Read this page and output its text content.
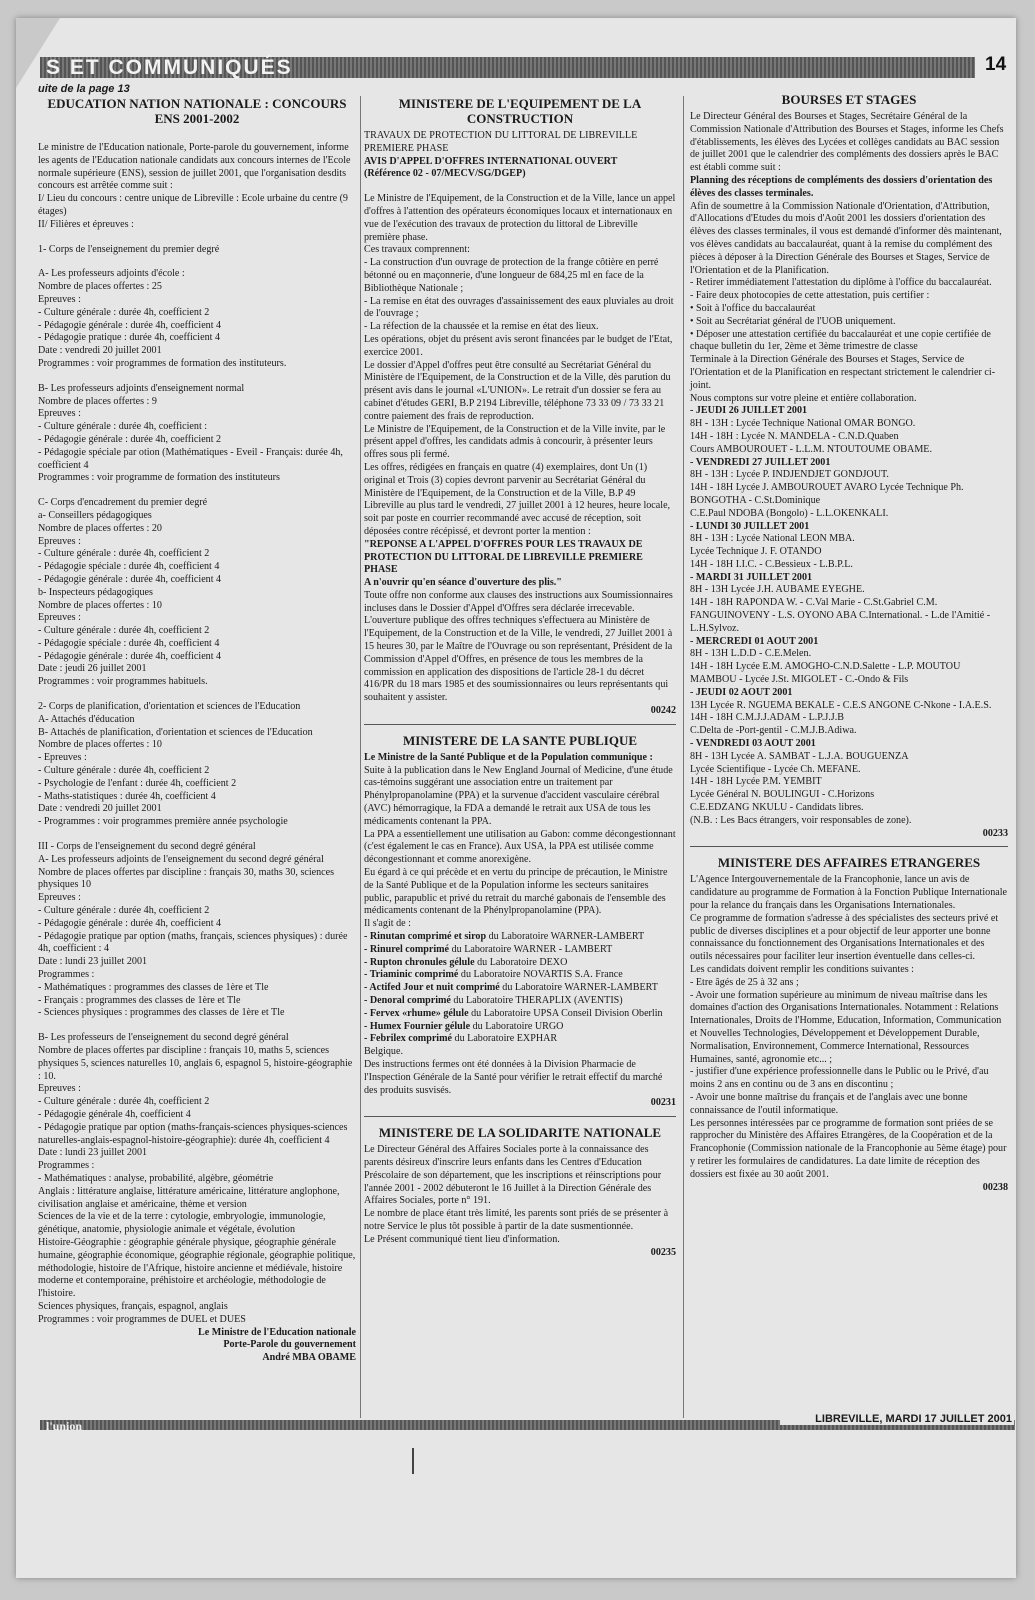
S ET COMMUNIQUÉS	14
uite de la page 13
EDUCATION NATION NATIONALE : CONCOURS ENS 2001-2002

Le ministre de l'Education nationale, Porte-parole du gouvernement, informe les agents de l'Education nationale candidats aux concours internes de l'Ecole normale supérieure (ENS), session de juillet 2001, que l'organisation desdits concours est arrêtée comme suit :

I/ Lieu du concours : centre unique de Libreville : Ecole urbaine du centre (9 étages)

II/ Filières et épreuves :

1- Corps de l'enseignement du premier degré

A- Les professeurs adjoints d'école :

Nombre de places offertes : 25

Epreuves :

- Culture générale : durée 4h, coefficient 2

- Pédagogie générale : durée 4h, coefficient 4

- Pédagogie pratique : durée 4h, coefficient 4

Date : vendredi 20 juillet 2001

Programmes : voir programmes de formation des instituteurs.

B- Les professeurs adjoints d'enseignement normal

Nombre de places offertes : 9

Epreuves :

- Culture générale : durée 4h, coefficient :

- Pédagogie générale : durée 4h, coefficient 2

- Pédagogie spéciale par otion (Mathématiques - Eveil - Français: durée 4h, coefficient 4

Programmes : voir programme de formation des instituteurs

C- Corps d'encadrement du premier degré

a- Conseillers pédagogiques

Nombre de places offertes : 20

Epreuves :

- Culture générale : durée 4h, coefficient 2

- Pédagogie spéciale : durée 4h, coefficient 4

- Pédagogie générale : durée 4h, coefficient 4

b- Inspecteurs pédagogiques

Nombre de places offertes : 10

Epreuves :

- Culture générale : durée 4h, coefficient 2

- Pédagogie spéciale : durée 4h, coefficient 4

- Pédagogie générale : durée 4h, coefficient 4

Date : jeudi 26 juillet 2001

Programmes : voir programmes habituels.

2- Corps de planification, d'orientation et sciences de l'Education

A- Attachés d'éducation

B- Attachés de planification, d'orientation et sciences de l'Education

Nombre de places offertes : 10

- Epreuves :

- Culture générale : durée 4h, coefficient 2

- Psychologie de l'enfant : durée 4h, coefficient 2

- Maths-statistiques : durée 4h, coefficient 4

Date : vendredi 20 juillet 2001

- Programmes : voir programmes première année psychologie

III - Corps de l'enseignement du second degré général

A- Les professeurs adjoints de l'enseignement du second degré général

Nombre de places offertes par discipline : français 30, maths 30, sciences physiques 10

Epreuves :

- Culture générale : durée 4h, coefficient 2

- Pédagogie générale : durée 4h, coefficient 4

- Pédagogie pratique par option (maths, français, sciences physiques) : durée 4h, coefficient : 4

Date : lundi 23 juillet 2001

Programmes :

- Mathématiques : programmes des classes de 1ère et Tle

- Français : programmes des classes de 1ère et Tle

- Sciences physiques : programmes des classes de 1ère et Tle

B- Les professeurs de l'enseignement du second degré général

Nombre de places offertes par discipline : français 10, maths 5, sciences physiques 5, sciences naturelles 10, anglais 6, espagnol 5, histoire-géographie : 10.

Epreuves :

- Culture générale : durée 4h, coefficient 2

- Pédagogie générale 4h, coefficient 4

- Pédagogie pratique par option (maths-français-sciences physiques-sciences naturelles-anglais-espagnol-histoire-géographie): durée 4h, coefficient 4

Date : lundi 23 juillet 2001

Programmes :

- Mathématiques : analyse, probabilité, algèbre, géométrie

Anglais : littérature anglaise, littérature américaine, littérature anglophone, civilisation anglaise et américaine, thème et version

Sciences de la vie et de la terre : cytologie, embryologie, immunologie, génétique, anatomie, physiologie animale et végétale, évolution

Histoire-Géographie : géographie générale physique, géographie générale humaine, géographie économique, géographie régionale, géographie politique, méthodologie, histoire de l'Afrique, histoire ancienne et médiévale, histoire moderne et contemporaine, préhistoire et archéologie, méthodologie de l'histoire.

Sciences physiques, français, espagnol, anglais

Programmes : voir programmes de DUEL et DUES

Le Ministre de l'Education nationale

Porte-Parole du gouvernement

André MBA OBAME

MINISTERE DE L'EQUIPEMENT DE LA CONSTRUCTION

TRAVAUX DE PROTECTION DU LITTORAL DE LIBREVILLE

PREMIERE PHASE

AVIS D'APPEL D'OFFRES INTERNATIONAL OUVERT

(Référence 02 - 07/MECV/SG/DGEP)

Le Ministre de l'Equipement, de la Construction et de la Ville, lance un appel d'offres à l'attention des opérateurs économiques locaux et internationaux en vue de l'exécution des travaux de protection du littoral de Libreville première phase.

Ces travaux comprennent:

- La construction d'un ouvrage de protection de la frange côtière en perré bétonné ou en maçonnerie, d'une longueur de 684,25 ml en face de la Bibliothèque Nationale ;

- La remise en état des ouvrages d'assainissement des eaux pluviales au droit de l'ouvrage ;

- La réfection de la chaussée et la remise en état des lieux.

Les opérations, objet du présent avis seront financées par le budget de l'Etat, exercice 2001.

Le dossier d'Appel d'offres peut être consulté au Secrétariat Général du Ministère de l'Equipement, de la Construction et de la Ville, dès parution du présent avis dans le journal «L'UNION». Le retrait d'un dossier se fera au cabinet d'études GERI, B.P 2194 Libreville, téléphone 73 33 09 / 73 33 21 contre paiement des frais de reproduction.

Le Ministre de l'Equipement, de la Construction et de la Ville invite, par le présent appel d'offres, les candidats admis à concourir, à présenter leurs offres sous pli fermé.

Les offres, rédigées en français en quatre (4) exemplaires, dont Un (1) original et Trois (3) copies devront parvenir au Secrétariat Général du Ministère de l'Equipement, de la Construction et de la Ville, B.P 49 Libreville au plus tard le vendredi, 27 juillet 2001 à 12 heures, heure locale, soit par poste en courrier recommandé avec accusé de réception, soit déposées contre récépissé, et devront porter la mention :

"REPONSE A L'APPEL D'OFFRES POUR LES TRAVAUX DE PROTECTION DU LITTORAL DE LIBREVILLE PREMIERE PHASE

A n'ouvrir qu'en séance d'ouverture des plis."

Toute offre non conforme aux clauses des instructions aux Soumissionnaires incluses dans le Dossier d'Appel d'Offres sera déclarée irrecevable.

L'ouverture publique des offres techniques s'effectuera au Ministère de l'Equipement, de la Construction et de la Ville, le vendredi, 27 Juillet 2001 à 15 heures 30, par le Maître de l'Ouvrage ou son représentant, Président de la Commission d'Appel d'Offres, en présence de tous les membres de la commission en application des dispositions de l'article 28-1 du décret 416/PR du 18 mars 1985 et des soumissionnaires ou leurs représentants qui souhaitent y assister.

00242

MINISTERE DE LA SANTE PUBLIQUE

Le Ministre de la Santé Publique et de la Population communique :

Suite à la publication dans le New England Journal of Medicine, d'une étude cas-témoins suggérant une association entre un traitement par Phénylpropanolamine (PPA) et la survenue d'accident vasculaire cérébral (AVC) hémorragique, la FDA a demandé le retrait aux USA de tous les médicaments contenant la PPA.

La PPA a essentiellement une utilisation au Gabon: comme décongestionnant (c'est également le cas en France). Aux USA, la PPA est utilisée comme décongestionnant et comme anorexigène.

Eu égard à ce qui précède et en vertu du principe de précaution, le Ministre de la Santé Publique et de la Population informe les secteurs sanitaires public, parapublic et privé du retrait du marché gabonais de l'ensemble des médicaments contenant de la Phénylpropanolamine (PPA).

Il s'agit de :

- Rinutan comprimé et sirop du Laboratoire WARNER-LAMBERT

- Rinurel comprimé du Laboratoire WARNER - LAMBERT

- Rupton chronules gélule du Laboratoire DEXO

- Triaminic comprimé du Laboratoire NOVARTIS S.A. France

- Actifed Jour et nuit comprimé du Laboratoire WARNER-LAMBERT

- Denoral comprimé du Laboratoire THERAPLIX (AVENTIS)

- Fervex «rhume» gélule du Laboratoire UPSA Conseil Division Oberlin

- Humex Fournier gélule du Laboratoire URGO

- Febrilex comprimé du Laboratoire EXPHAR

Belgique.

Des instructions fermes ont été données à la Division Pharmacie de l'Inspection Générale de la Santé pour vérifier le retrait effectif du marché des produits susvisés.

00231

MINISTERE DE LA SOLIDARITE NATIONALE

Le Directeur Général des Affaires Sociales porte à la connaissance des parents désireux d'inscrire leurs enfants dans les Centres d'Education Préscolaire de son département, que les inscriptions et réinscriptions pour l'année 2001 - 2002 débuteront le 16 Juillet à la Direction Générale des Affaires Sociales, porte n° 191.

Le nombre de place étant très limité, les parents sont priés de se présenter à notre Service le plus tôt possible à partir de la date susmentionnée.

Le Présent communiqué tient lieu d'information.

00235

BOURSES ET STAGES

Le Directeur Général des Bourses et Stages, Secrétaire Général de la Commission Nationale d'Attribution des Bourses et Stages, informe les Chefs d'établissements, les élèves des Lycées et collèges candidats au BAC session de juillet 2001 que le calendrier des compléments des dossiers après le BAC est établi comme suit :

Planning des réceptions de compléments des dossiers d'orientation des élèves des classes terminales.

Afin de soumettre à la Commission Nationale d'Orientation, d'Attribution, d'Allocations d'Etudes du mois d'Août 2001 les dossiers d'orientation des élèves des classes terminales, il vous est demandé d'informer dès maintenant, vos élèves candidats au baccalauréat, quant à la remise du complément des pièces à déposer à la Direction Générale des Bourses et Stages, Service de l'Orientation et de la Planification.

- Retirer immédiatement l'attestation du diplôme à l'office du baccalauréat.

- Faire deux photocopies de cette attestation, puis certifier :

• Soit à l'office du baccalauréat

• Soit au Secrétariat général de l'UOB uniquement.

• Déposer une attestation certifiée du baccalauréat et une copie certifiée de chaque bulletin du 1er, 2ème et 3ème trimestre de classe

Terminale à la Direction Générale des Bourses et Stages, Service de l'Orientation et de la Planification en respectant strictement le calendrier ci-joint.

Nous comptons sur votre pleine et entière collaboration.

- JEUDI 26 JUILLET 2001

8H - 13H : Lycée Technique National OMAR BONGO.

14H - 18H : Lycée N. MANDELA - C.N.D.Quaben

Cours AMBOUROUET - L.L.M. NTOUTOUME OBAME.

- VENDREDI 27 JUILLET 2001

8H - 13H : Lycée P. INDJENDJET GONDJOUT.

14H - 18H Lycée J. AMBOUROUET AVARO Lycée Technique Ph. BONGOTHA - C.St.Dominique

C.E.Paul NDOBA (Bongolo) - L.L.OKENKALI.

- LUNDI 30 JUILLET 2001

8H - 13H : Lycée National LEON MBA.

Lycée Technique J. F. OTANDO

14H - 18H I.I.C. - C.Bessieux - L.B.P.L.

- MARDI 31 JUILLET 2001

8H - 13H Lycée J.H. AUBAME EYEGHE.

14H - 18H RAPONDA W. - C.Val Marie - C.St.Gabriel C.M. FANGUINOVENY - L.S. OYONO ABA C.International. - L.de l'Amitié - L.H.Sylvoz.

- MERCREDI 01 AOUT 2001

8H - 13H L.D.D - C.E.Melen.

14H - 18H Lycée E.M. AMOGHO-C.N.D.Salette - L.P. MOUTOU MAMBOU - Lycée J.St. MIGOLET - C.-Ondo & Fils

- JEUDI 02 AOUT 2001

13H Lycée R. NGUEMA BEKALE - C.E.S ANGONE C-Nkone - I.A.E.S.

14H - 18H C.M.J.J.ADAM - L.P.J.J.B

C.Delta de -Port-gentil - C.M.J.B.Adiwa.

- VENDREDI 03 AOUT 2001

8H - 13H Lycée A. SAMBAT - L.J.A. BOUGUENZA

Lycée Scientifique - Lycée Ch. MEFANE.

14H - 18H Lycée P.M. YEMBIT

Lycée Général N. BOULINGUI - C.Horizons

C.E.EDZANG NKULU - Candidats libres.

(N.B. : Les Bacs étrangers, voir responsables de zone).

00233

MINISTERE DES AFFAIRES ETRANGERES

L'Agence Intergouvernementale de la Francophonie, lance un avis de candidature au programme de Formation à la Fonction Publique Internationale pour la relance du français dans les Organisations Internationales.

Ce programme de formation s'adresse à des spécialistes des secteurs privé et public de diverses disciplines et a pour objectif de leur apporter une bonne connaissance du fonctionnement des Organisations Internationales et des outils nécessaires pour faciliter leur insertion éventuelle dans celles-ci.

Les candidats doivent remplir les conditions suivantes :

- Etre âgés de 25 à 32 ans ;

- Avoir une formation supérieure au minimum de niveau maîtrise dans les domaines d'action des Organisations Internationales. Notamment : Relations Internationales, Droits de l'Homme, Education, Information, Communication et Nouvelles Technologies, Développement et Développement Durable, Normalisation, Environnement, Commerce International, Ressources Humaines, santé, agronomie etc... ;

- justifier d'une expérience professionnelle dans le Public ou le Privé, d'au moins 2 ans en continu ou de 3 ans en discontinu ;

- Avoir une bonne maîtrise du français et de l'anglais avec une bonne connaissance de l'outil informatique.

Les personnes intéressées par ce programme de formation sont priées de se rapprocher du Ministère des Affaires Etrangères, de la Coopération et de la Francophonie (Commission nationale de la Francophonie au 5ème étage) pour y retirer les formulaires de candidatures. La date limite de réception des dossiers est fixée au 30 août 2001.

00238

l'union	LIBREVILLE, MARDI 17 JUILLET 2001
